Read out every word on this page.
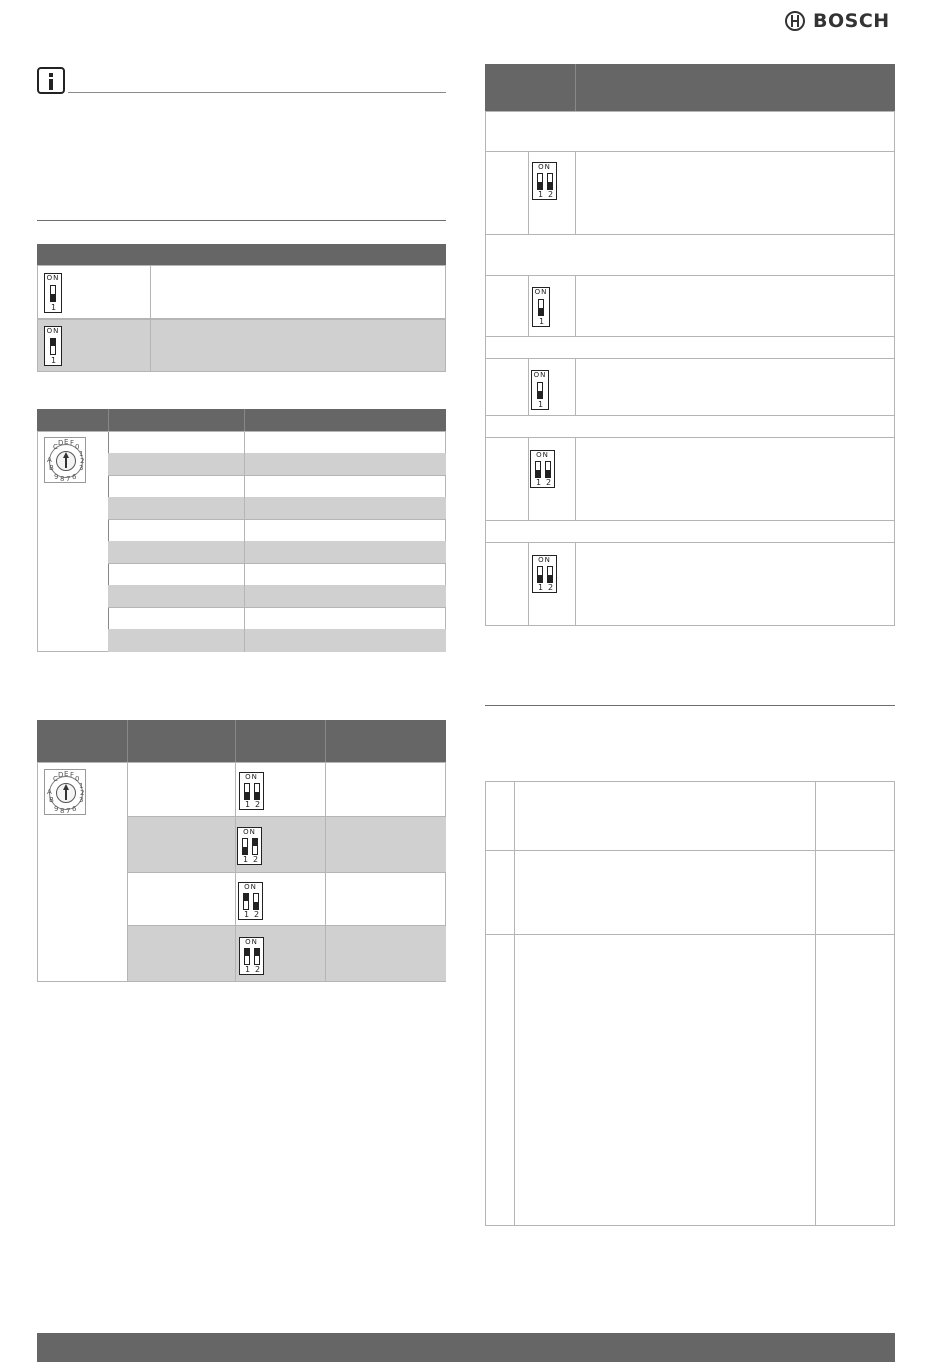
BOSCH
ON
1
ON
1
C D E F 0
1
2
3
B
A
9 8 7 6
C D E F 0
1
2
3
B
A
9 8 7 6
ON
1 2
ON
1 2
ON
1 2
ON
1 2
ON
1 2
ON
1
ON
1
ON
1 2
ON
1 2
